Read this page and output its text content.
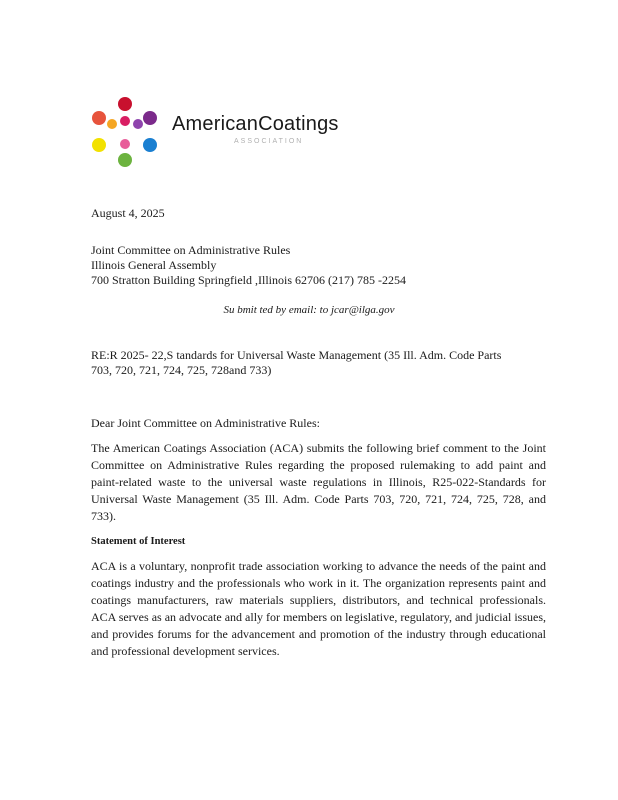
AmericanCoatings
ASSOCIATION
August 4, 2025
Joint Committee on Administrative Rules
Illinois General Assembly
700 Stratton Building Springfield ,Illinois 62706 (217) 785 -2254
Su bmit ted by email: to jcar@ilga.gov
RE:R 2025- 22,S tandards for Universal Waste Management (35 Ill. Adm. Code Parts
703, 720, 721, 724, 725, 728and 733)
Dear Joint Committee on Administrative Rules:
The American Coatings Association (ACA) submits the following brief comment to the Joint Committee on Administrative Rules regarding the proposed rulemaking to add paint and paint-related waste to the universal waste regulations in Illinois, R25-022-Standards for Universal Waste Management (35 Ill. Adm. Code Parts 703, 720, 721, 724, 725, 728, and 733).
Statement of Interest
ACA is a voluntary, nonprofit trade association working to advance the needs of the paint and coatings industry and the professionals who work in it. The organization represents paint and coatings manufacturers, raw materials suppliers, distributors, and technical professionals. ACA serves as an advocate and ally for members on legislative, regulatory, and judicial issues, and provides forums for the advancement and promotion of the industry through educational and professional development services.
